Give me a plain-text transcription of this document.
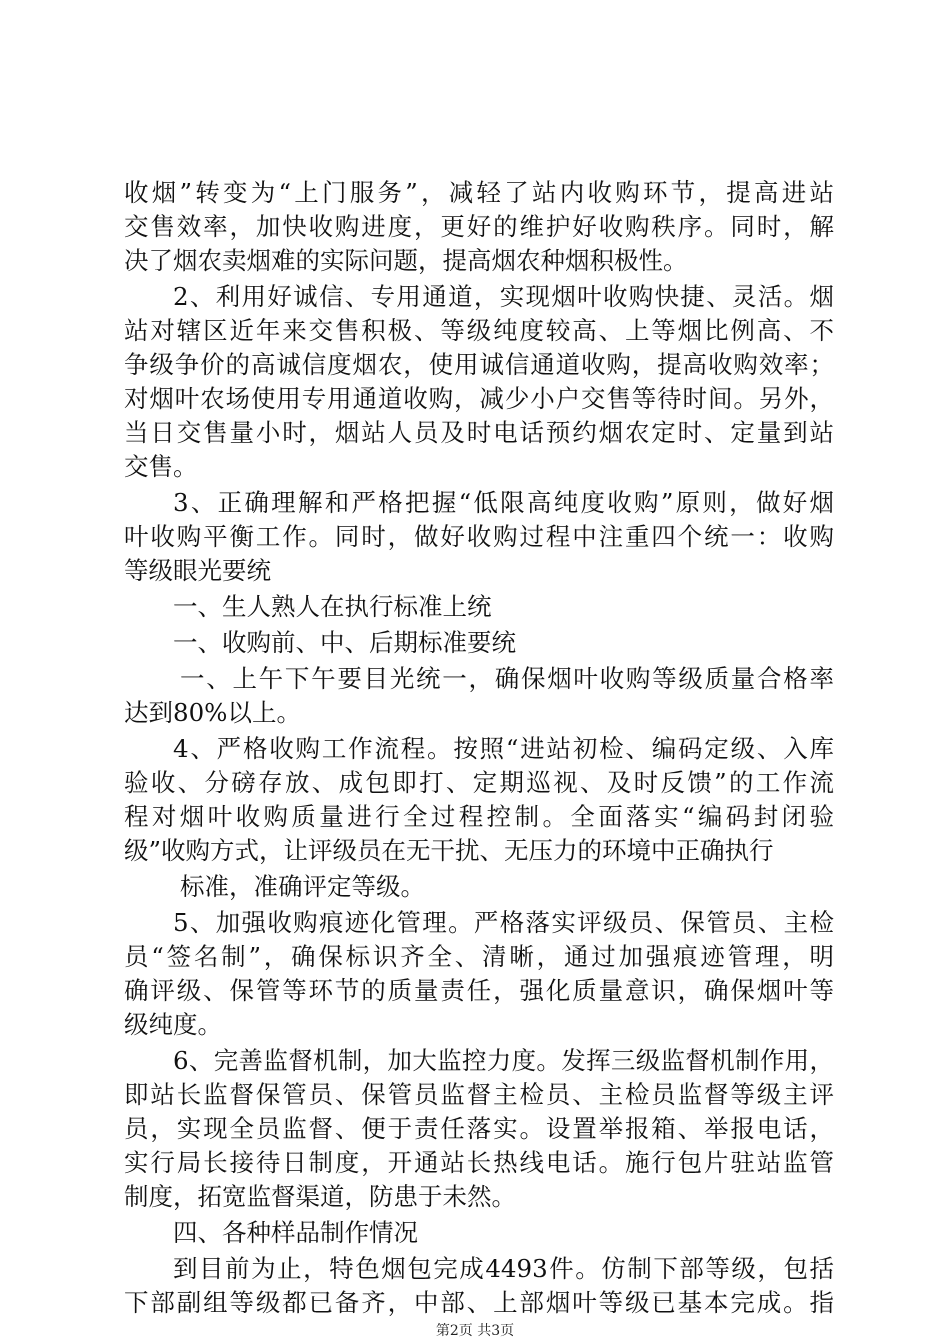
收烟”转变为“上门服务”，减轻了站内收购环节，提高进站
交售效率，加快收购进度，更好的维护好收购秩序。同时，解
决了烟农卖烟难的实际问题，提高烟农种烟积极性。
2、利用好诚信、专用通道，实现烟叶收购快捷、灵活。烟
站对辖区近年来交售积极、等级纯度较高、上等烟比例高、不
争级争价的高诚信度烟农，使用诚信通道收购，提高收购效率；
对烟叶农场使用专用通道收购，减少小户交售等待时间。另外，
当日交售量小时，烟站人员及时电话预约烟农定时、定量到站
交售。
3、正确理解和严格把握“低限高纯度收购”原则，做好烟
叶收购平衡工作。同时，做好收购过程中注重四个统一：收购
等级眼光要统
一、生人熟人在执行标准上统
一、收购前、中、后期标准要统
一、上午下午要目光统一，确保烟叶收购等级质量合格率
达到80%以上。
4、严格收购工作流程。按照“进站初检、编码定级、入库
验收、分磅存放、成包即打、定期巡视、及时反馈”的工作流
程对烟叶收购质量进行全过程控制。全面落实“编码封闭验
级”收购方式，让评级员在无干扰、无压力的环境中正确执行
标准，准确评定等级。
5、加强收购痕迹化管理。严格落实评级员、保管员、主检
员“签名制”，确保标识齐全、清晰，通过加强痕迹管理，明
确评级、保管等环节的质量责任，强化质量意识，确保烟叶等
级纯度。
6、完善监督机制，加大监控力度。发挥三级监督机制作用，
即站长监督保管员、保管员监督主检员、主检员监督等级主评
员，实现全员监督、便于责任落实。设置举报箱、举报电话，
实行局长接待日制度，开通站长热线电话。施行包片驻站监管
制度，拓宽监督渠道，防患于未然。
四、各种样品制作情况
到目前为止，特色烟包完成4493件。仿制下部等级，包括
下部副组等级都已备齐，中部、上部烟叶等级已基本完成。指
第2页 共3页
